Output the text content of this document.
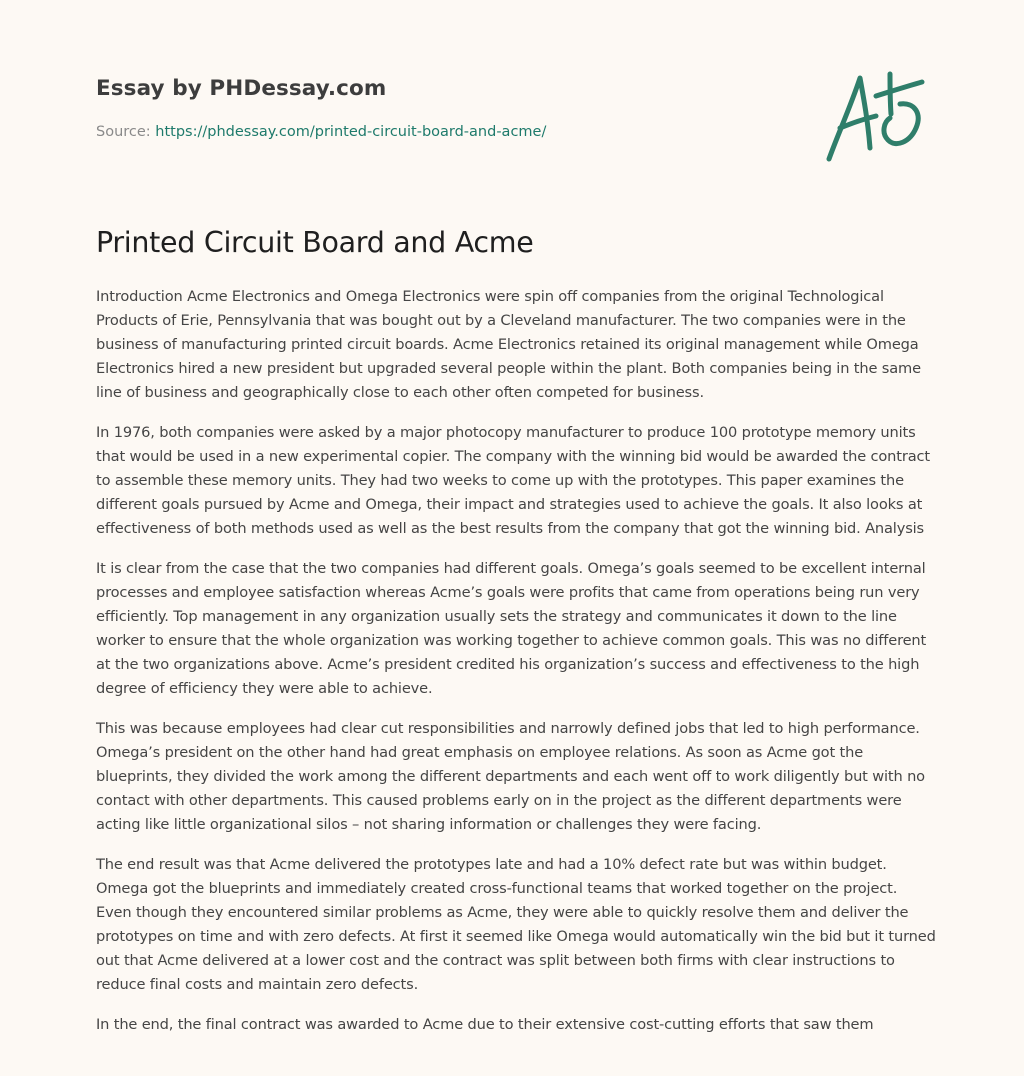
Essay by PHDessay.com

Source: https://phdessay.com/printed-circuit-board-and-acme/

Printed Circuit Board and Acme

Introduction Acme Electronics and Omega Electronics were spin off companies from the original Technological Products of Erie, Pennsylvania that was bought out by a Cleveland manufacturer. The two companies were in the business of manufacturing printed circuit boards. Acme Electronics retained its original management while Omega Electronics hired a new president but upgraded several people within the plant. Both companies being in the same line of business and geographically close to each other often competed for business.

In 1976, both companies were asked by a major photocopy manufacturer to produce 100 prototype memory units that would be used in a new experimental copier. The company with the winning bid would be awarded the contract to assemble these memory units. They had two weeks to come up with the prototypes. This paper examines the different goals pursued by Acme and Omega, their impact and strategies used to achieve the goals. It also looks at effectiveness of both methods used as well as the best results from the company that got the winning bid. Analysis

It is clear from the case that the two companies had different goals. Omega’s goals seemed to be excellent internal processes and employee satisfaction whereas Acme’s goals were profits that came from operations being run very efficiently. Top management in any organization usually sets the strategy and communicates it down to the line worker to ensure that the whole organization was working together to achieve common goals. This was no different at the two organizations above. Acme’s president credited his organization’s success and effectiveness to the high degree of efficiency they were able to achieve.

This was because employees had clear cut responsibilities and narrowly defined jobs that led to high performance. Omega’s president on the other hand had great emphasis on employee relations. As soon as Acme got the blueprints, they divided the work among the different departments and each went off to work diligently but with no contact with other departments. This caused problems early on in the project as the different departments were acting like little organizational silos – not sharing information or challenges they were facing.

The end result was that Acme delivered the prototypes late and had a 10% defect rate but was within budget. Omega got the blueprints and immediately created cross-functional teams that worked together on the project. Even though they encountered similar problems as Acme, they were able to quickly resolve them and deliver the prototypes on time and with zero defects. At first it seemed like Omega would automatically win the bid but it turned out that Acme delivered at a lower cost and the contract was split between both firms with clear instructions to reduce final costs and maintain zero defects.

In the end, the final contract was awarded to Acme due to their extensive cost-cutting efforts that saw them
